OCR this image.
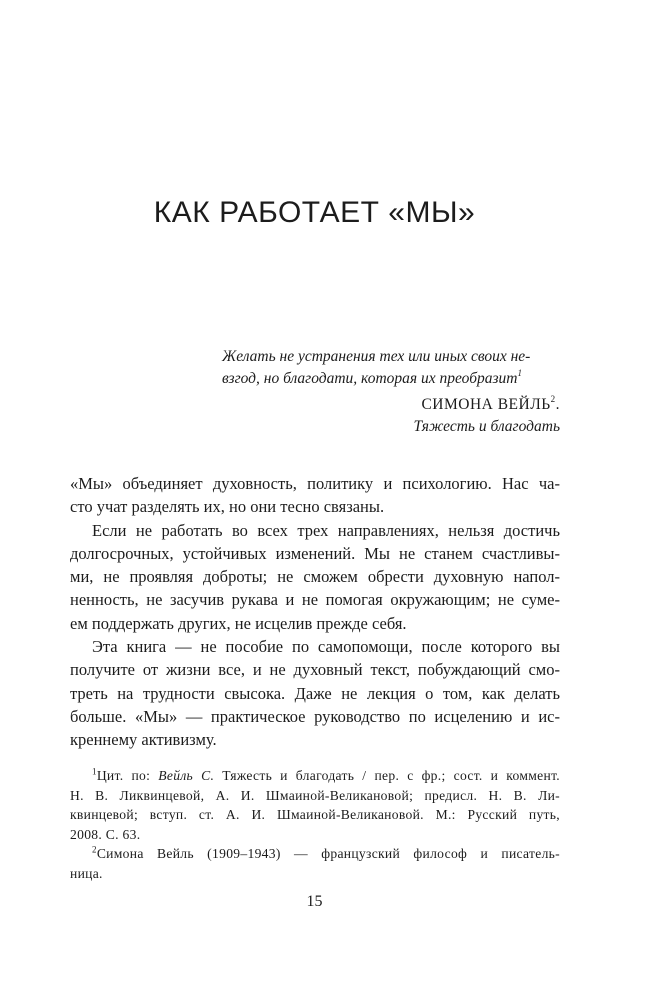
КАК РАБОТАЕТ «МЫ»

Желать не устранения тех или иных своих не-
взгод, но благодати, которая их преобразит$^1$

СИМОНА ВЕЙЛЬ$^2$.

Тяжесть и благодать

«Мы» объединяет духовность, политику и психологию. Нас ча-
сто учат разделять их, но они тесно связаны.

Если не работать во всех трех направлениях, нельзя достичь
долгосрочных, устойчивых изменений. Мы не станем счастливы-
ми, не проявляя доброты; не сможем обрести духовную напол-
ненность, не засучив рукава и не помогая окружающим; не суме-
ем поддержать других, не исцелив прежде себя.

Эта книга — не пособие по самопомощи, после которого вы
получите от жизни все, и не духовный текст, побуждающий смо-
треть на трудности свысока. Даже не лекция о том, как делать
больше. «Мы» — практическое руководство по исцелению и ис-
креннему активизму.

$^1$Цит. по: Вейль С. Тяжесть и благодать / пер. с фр.; сост. и коммент.
Н. В. Ликвинцевой, А. И. Шмаиной-Великановой; предисл. Н. В. Ли-
квинцевой; вступ. ст. А. И. Шмаиной-Великановой. М.: Русский путь,
2008. С. 63.
$^2$Симона Вейль (1909–1943) — французский философ и писатель-
ница.
15
